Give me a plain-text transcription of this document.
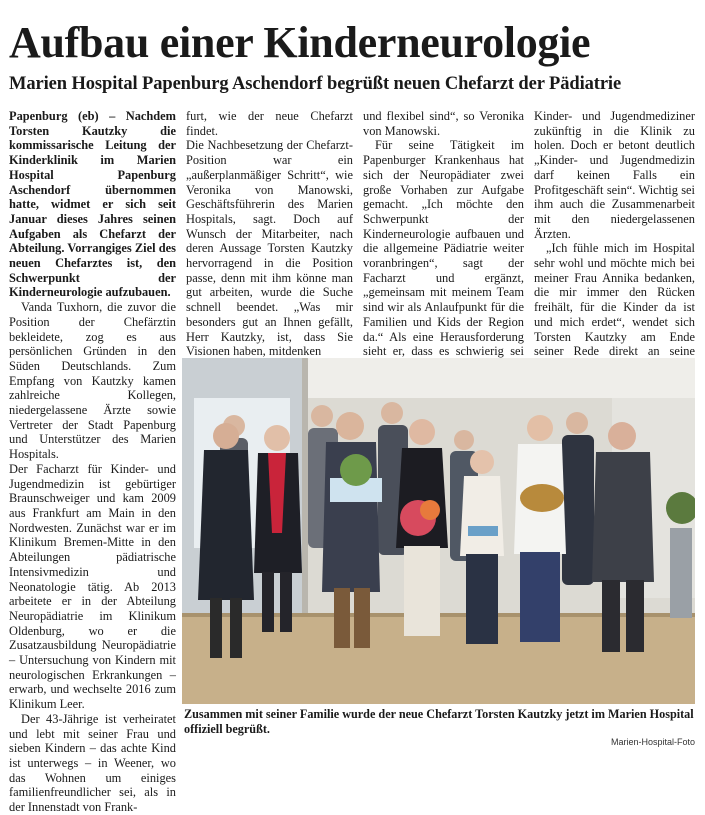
Aufbau einer Kinderneurologie
Marien Hospital Papenburg Aschendorf begrüßt neuen Chefarzt der Pädiatrie

Papenburg (eb) – Nachdem Torsten Kautzky die kommissarische Leitung der Kinderklinik im Marien Hospital Papenburg Aschendorf übernommen hatte, widmet er sich seit Januar dieses Jahres seinen Aufgaben als Chefarzt der Abteilung. Vorrangiges Ziel des neuen Chefarztes ist, den Schwerpunkt der Kinderneurologie aufzubauen.

Vanda Tuxhorn, die zuvor die Position der Chefärztin bekleidete, zog es aus persönlichen Gründen in den Süden Deutschlands. Zum Empfang von Kautzky kamen zahlreiche Kollegen, niedergelassene Ärzte sowie Vertreter der Stadt Papenburg und Unterstützer des Marien Hospitals.

Der Facharzt für Kinder- und Jugendmedizin ist gebürtiger Braunschweiger und kam 2009 aus Frankfurt am Main in den Nordwesten. Zunächst war er im Klinikum Bremen-Mitte in den Abteilungen pädiatrische Intensivmedizin und Neonatologie tätig. Ab 2013 arbeitete er in der Abteilung Neuropädiatrie im Klinikum Oldenburg, wo er die Zusatzausbildung Neuropädiatrie – Untersuchung von Kindern mit neurologischen Erkrankungen – erwarb, und wechselte 2016 zum Klinikum Leer.

Der 43-Jährige ist verheiratet und lebt mit seiner Frau und sieben Kindern – das achte Kind ist unterwegs – in Weener, wo das Wohnen um einiges familienfreundlicher sei, als in der Innenstadt von Frank-

furt, wie der neue Chefarzt findet.

Die Nachbesetzung der Chefarzt-Position war ein „außerplanmäßiger Schritt“, wie Veronika von Manowski, Geschäftsführerin des Marien Hospitals, sagt. Doch auf Wunsch der Mitarbeiter, nach deren Aussage Torsten Kautzky hervorragend in die Position passe, denn mit ihm könne man gut arbeiten, wurde die Suche schnell beendet. „Was mir besonders gut an Ihnen gefällt, Herr Kautzky, ist, dass Sie Visionen haben, mitdenken

und flexibel sind“, so Veronika von Manowski.

Für seine Tätigkeit im Papenburger Krankenhaus hat sich der Neuropädiater zwei große Vorhaben zur Aufgabe gemacht. „Ich möchte den Schwerpunkt der Kinderneurologie aufbauen und die allgemeine Pädiatrie weiter voranbringen“, sagt der Facharzt und ergänzt, „gemeinsam mit meinem Team sind wir als Anlaufpunkt für die Familien und Kids der Region da.“ Als eine Herausforderung sieht er, dass es schwierig sei

Kinder- und Jugendmediziner zukünftig in die Klinik zu holen. Doch er betont deutlich „Kinder- und Jugendmedizin darf keinen Falls ein Profitgeschäft sein“. Wichtig sei ihm auch die Zusammenarbeit mit den niedergelassenen Ärzten.

„Ich fühle mich im Hospital sehr wohl und möchte mich bei meiner Frau Annika bedanken, die mir immer den Rücken freihält, für die Kinder da ist und mich erdet“, wendet sich Torsten Kautzky am Ende seiner Rede direkt an seine

Zusammen mit seiner Familie wurde der neue Chefarzt Torsten Kautzky jetzt im Marien Hospital offiziell begrüßt.
Marien-Hospital-Foto
